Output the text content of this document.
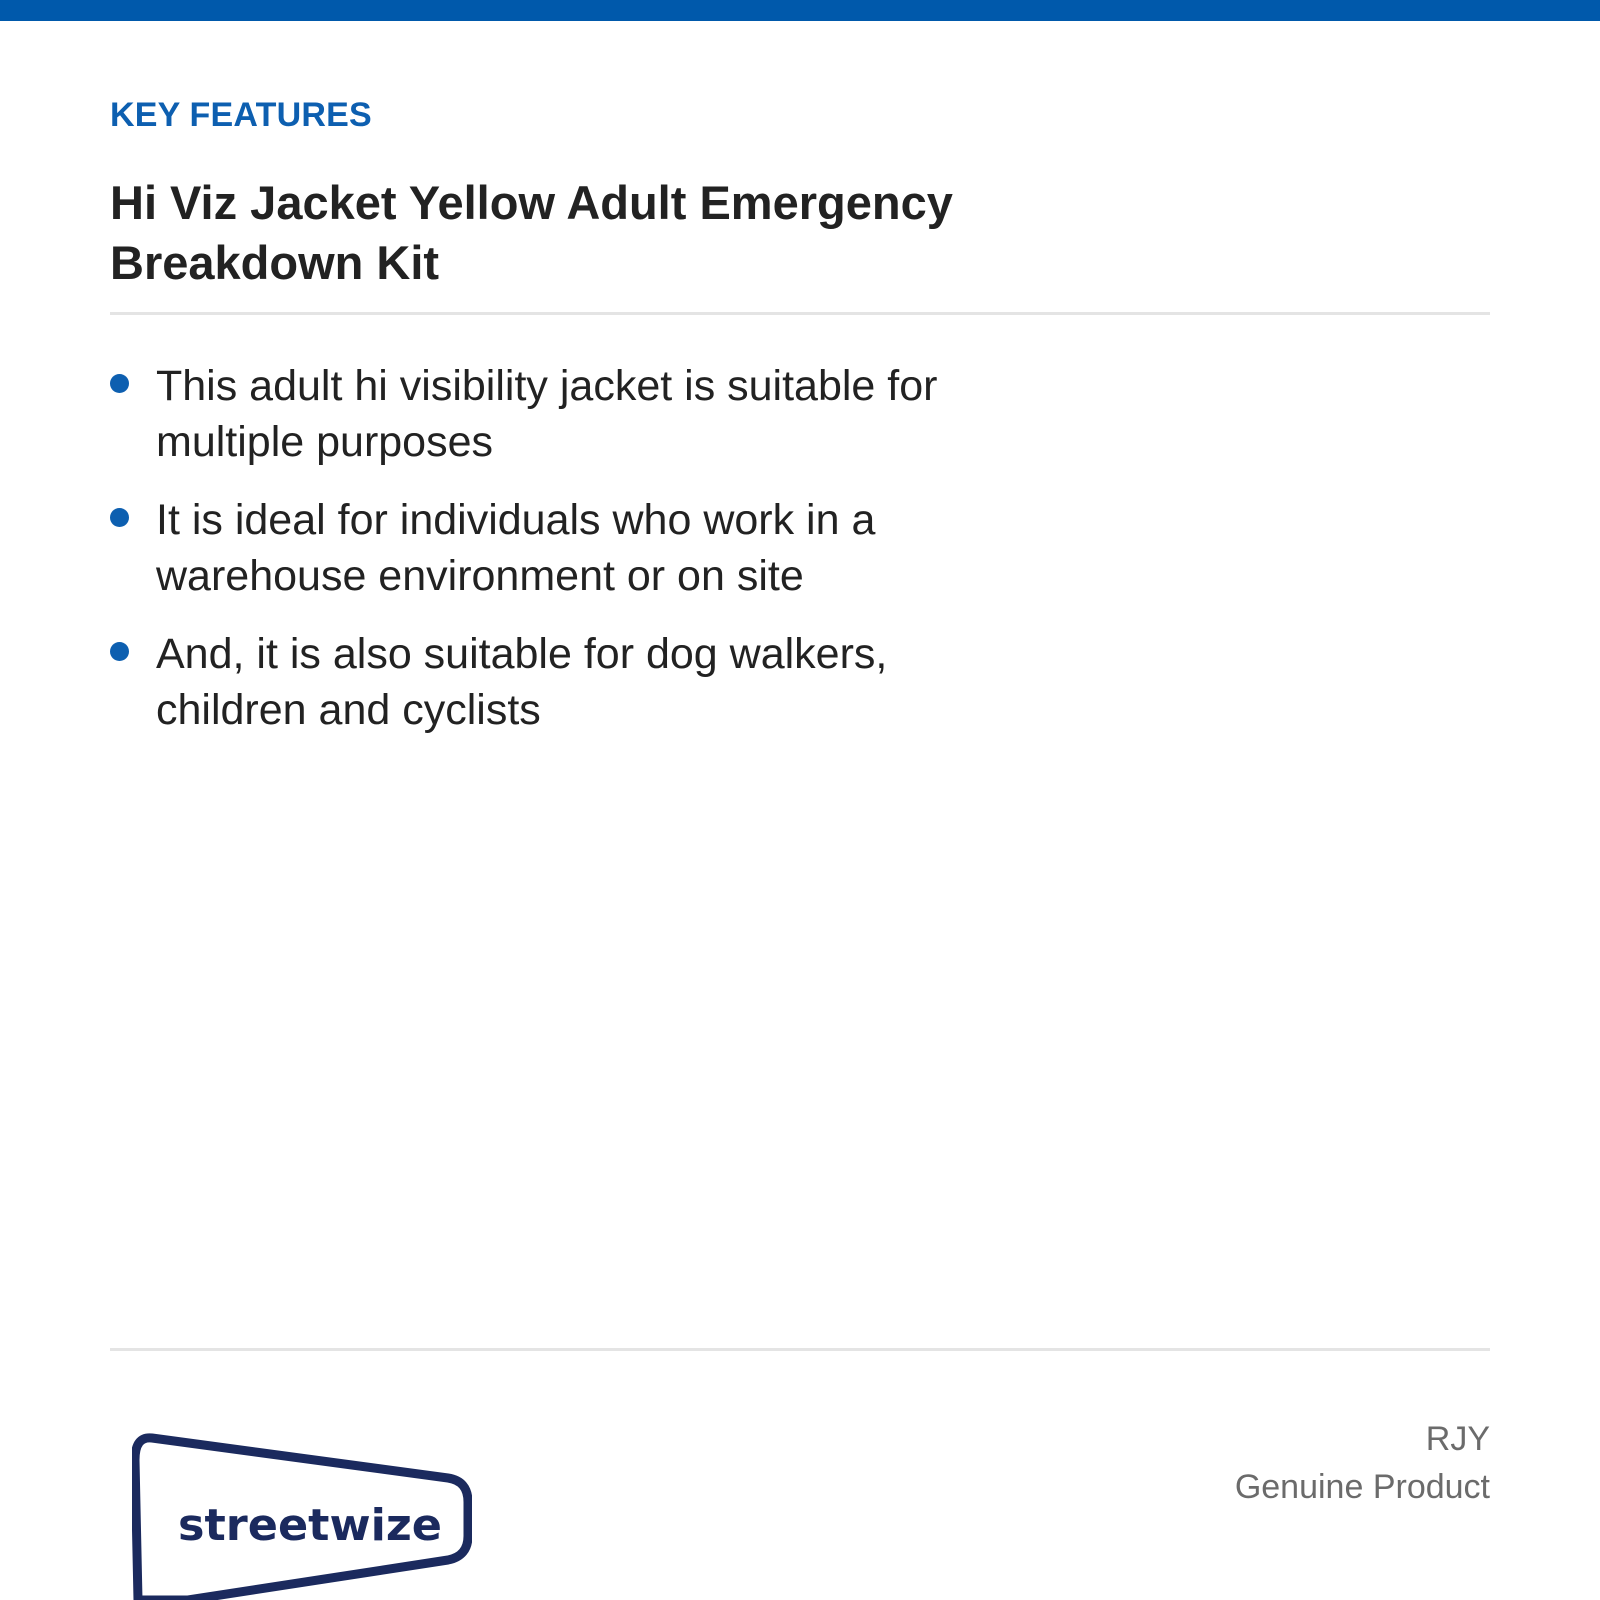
KEY FEATURES
Hi Viz Jacket Yellow Adult Emergency Breakdown Kit
This adult hi visibility jacket is suitable for multiple purposes
It is ideal for individuals who work in a warehouse environment or on site
And, it is also suitable for dog walkers, children and cyclists
streetwize
RJY
Genuine Product
